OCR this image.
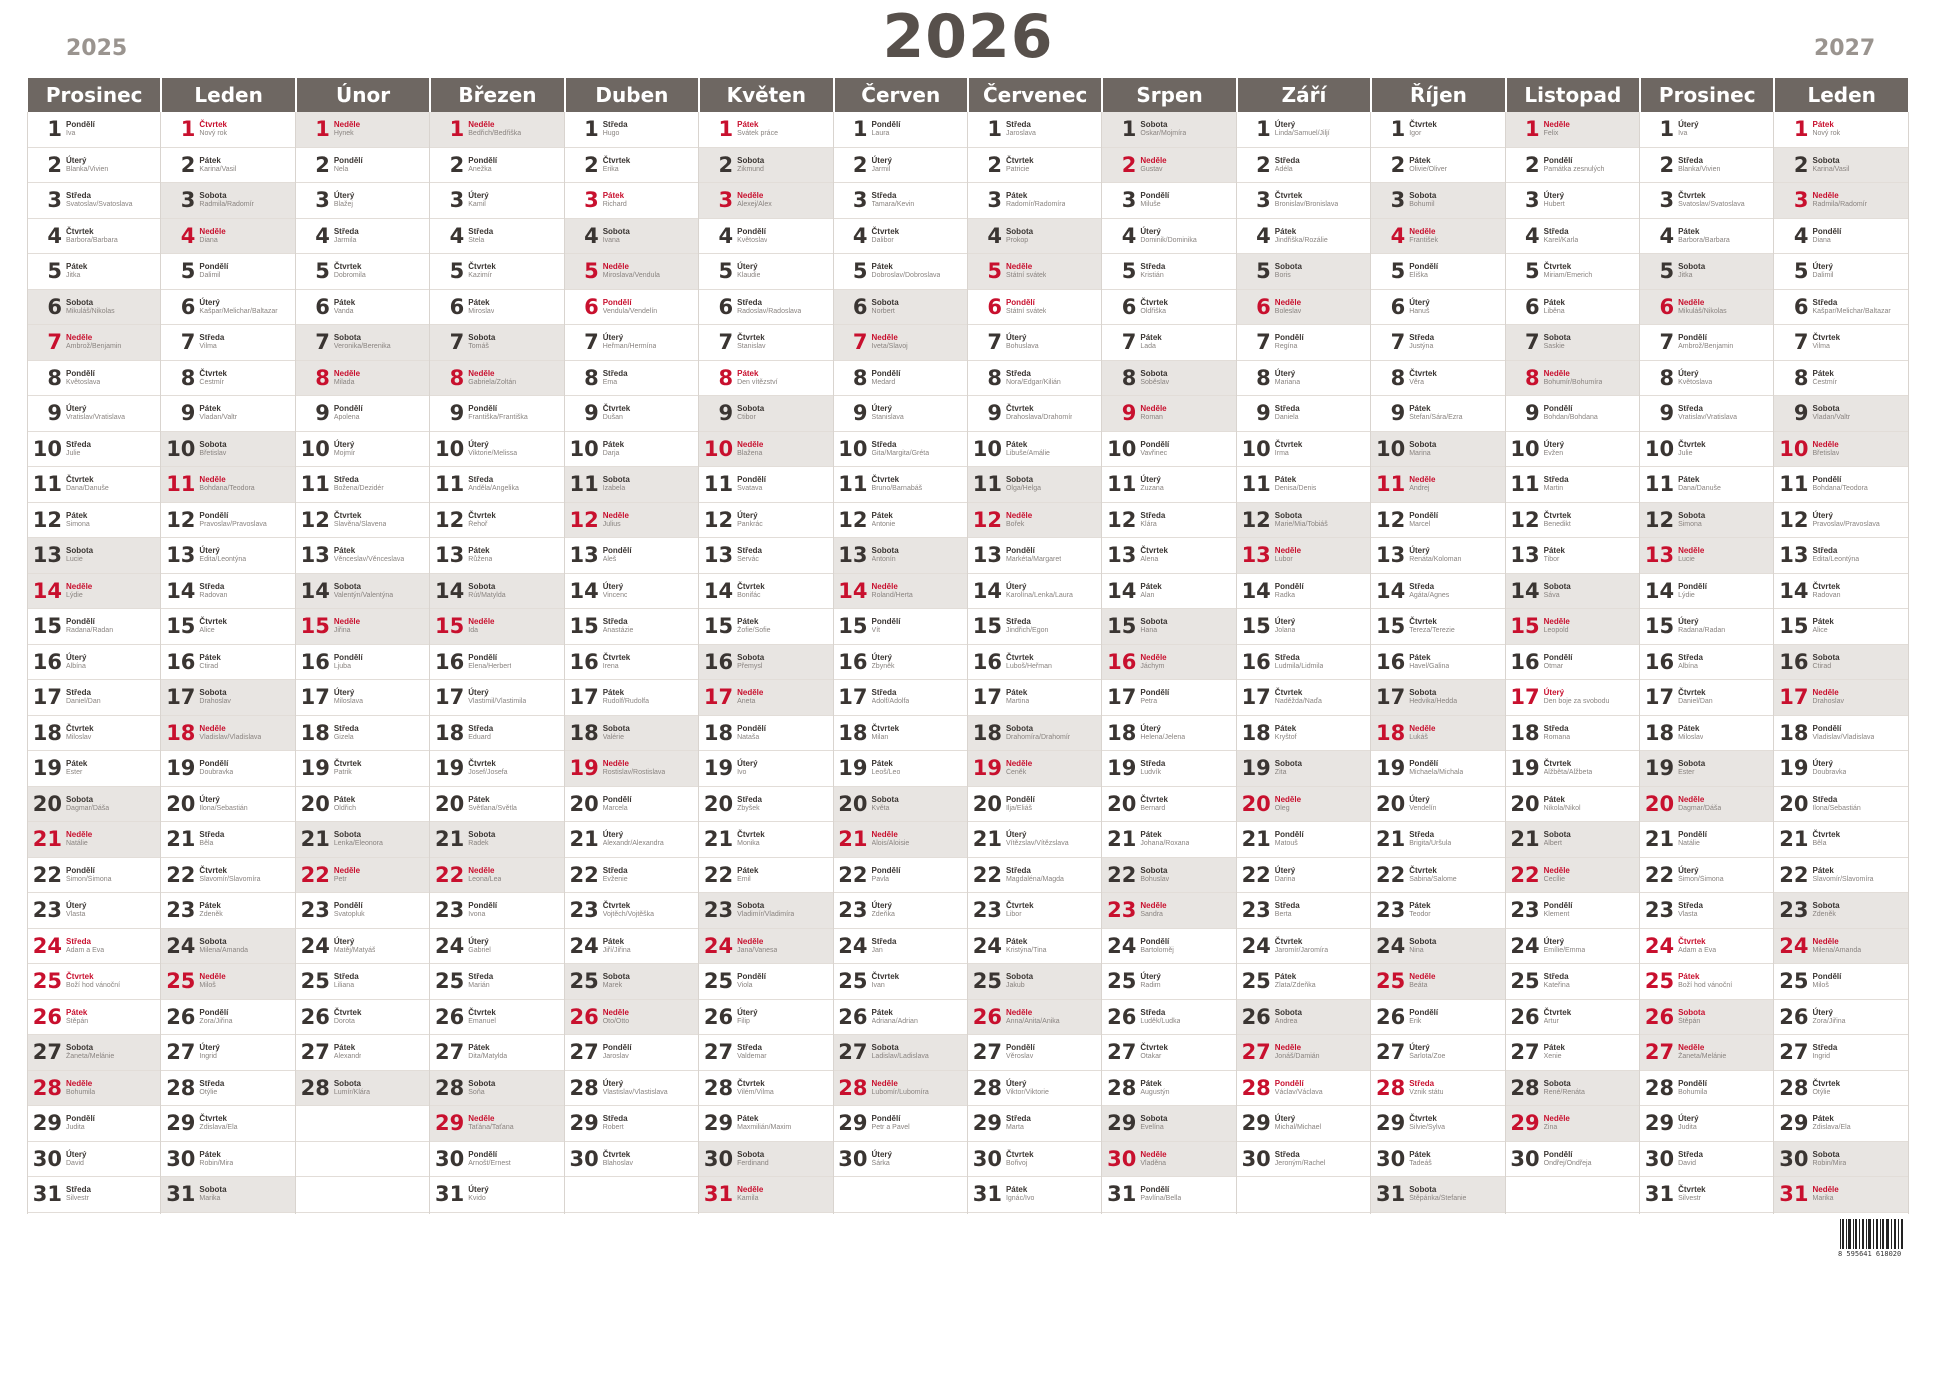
2025	2026	2027
Prosinec
1 Pondělí
Iva
2 Úterý
Blanka/Vivien
3 Středa
Svatoslav/Svatoslava
4 Čtvrtek
Barbora/Barbara
5 Pátek
Jitka
6 Sobota
Mikuláš/Nikolas
7 Neděle
Ambrož/Benjamin
8 Pondělí
Květoslava
9 Úterý
Vratislav/Vratislava
10 Středa
Julie
11 Čtvrtek
Dana/Danuše
12 Pátek
Simona
13 Sobota
Lucie
14 Neděle
Lýdie
15 Pondělí
Radana/Radan
16 Úterý
Albína
17 Středa
Daniel/Dan
18 Čtvrtek
Miloslav
19 Pátek
Ester
20 Sobota
Dagmar/Dáša
21 Neděle
Natálie
22 Pondělí
Šimon/Šimona
23 Úterý
Vlasta
24 Středa
Adam a Eva
25 Čtvrtek
Boží hod vánoční
26 Pátek
Štěpán
27 Sobota
Žaneta/Melánie
28 Neděle
Bohumila
29 Pondělí
Judita
30 Úterý
David
31 Středa
Silvestr
Leden
1 Čtvrtek
Nový rok
2 Pátek
Karina/Vasil
3 Sobota
Radmila/Radomír
4 Neděle
Diana
5 Pondělí
Dalimil
6 Úterý
Kašpar/Melichar/Baltazar
7 Středa
Vilma
8 Čtvrtek
Čestmír
9 Pátek
Vladan/Valtr
10 Sobota
Břetislav
11 Neděle
Bohdana/Teodora
12 Pondělí
Pravoslav/Pravoslava
13 Úterý
Edita/Leontýna
14 Středa
Radovan
15 Čtvrtek
Alice
16 Pátek
Ctirad
17 Sobota
Drahoslav
18 Neděle
Vladislav/Vladislava
19 Pondělí
Doubravka
20 Úterý
Ilona/Sebastián
21 Středa
Běla
22 Čtvrtek
Slavomír/Slavomíra
23 Pátek
Zdeněk
24 Sobota
Milena/Amanda
25 Neděle
Miloš
26 Pondělí
Zora/Jiřina
27 Úterý
Ingrid
28 Středa
Otýlie
29 Čtvrtek
Zdislava/Ela
30 Pátek
Robin/Mira
31 Sobota
Marika
Únor
1 Neděle
Hynek
2 Pondělí
Nela
3 Úterý
Blažej
4 Středa
Jarmila
5 Čtvrtek
Dobromila
6 Pátek
Vanda
7 Sobota
Veronika/Berenika
8 Neděle
Milada
9 Pondělí
Apolena
10 Úterý
Mojmír
11 Středa
Božena/Dezidér
12 Čtvrtek
Slavěna/Slavena
13 Pátek
Věnceslav/Věnceslava
14 Sobota
Valentýn/Valentýna
15 Neděle
Jiřina
16 Pondělí
Ljuba
17 Úterý
Miloslava
18 Středa
Gizela
19 Čtvrtek
Patrik
20 Pátek
Oldřich
21 Sobota
Lenka/Eleonora
22 Neděle
Petr
23 Pondělí
Svatopluk
24 Úterý
Matěj/Matyáš
25 Středa
Liliana
26 Čtvrtek
Dorota
27 Pátek
Alexandr
28 Sobota
Lumír/Klára
Březen
1 Neděle
Bedřich/Bedřiška
2 Pondělí
Anežka
3 Úterý
Kamil
4 Středa
Stela
5 Čtvrtek
Kazimír
6 Pátek
Miroslav
7 Sobota
Tomáš
8 Neděle
Gabriela/Zoltán
9 Pondělí
Františka/Františka
10 Úterý
Viktorie/Melissa
11 Středa
Anděla/Angelika
12 Čtvrtek
Řehoř
13 Pátek
Růžena
14 Sobota
Rút/Matylda
15 Neděle
Ida
16 Pondělí
Elena/Herbert
17 Úterý
Vlastimil/Vlastimila
18 Středa
Eduard
19 Čtvrtek
Josef/Josefa
20 Pátek
Světlana/Světla
21 Sobota
Radek
22 Neděle
Leona/Lea
23 Pondělí
Ivona
24 Úterý
Gabriel
25 Středa
Marián
26 Čtvrtek
Emanuel
27 Pátek
Dita/Matylda
28 Sobota
Soňa
29 Neděle
Taťána/Taťana
30 Pondělí
Arnošt/Ernest
31 Úterý
Kvido
Duben
1 Středa
Hugo
2 Čtvrtek
Erika
3 Pátek
Richard
4 Sobota
Ivana
5 Neděle
Miroslava/Vendula
6 Pondělí
Vendula/Vendelín
7 Úterý
Heřman/Hermína
8 Středa
Ema
9 Čtvrtek
Dušan
10 Pátek
Darja
11 Sobota
Izabela
12 Neděle
Julius
13 Pondělí
Aleš
14 Úterý
Vincenc
15 Středa
Anastázie
16 Čtvrtek
Irena
17 Pátek
Rudolf/Rudolfa
18 Sobota
Valérie
19 Neděle
Rostislav/Rostislava
20 Pondělí
Marcela
21 Úterý
Alexandr/Alexandra
22 Středa
Evženie
23 Čtvrtek
Vojtěch/Vojtěška
24 Pátek
Jiří/Jiřina
25 Sobota
Marek
26 Neděle
Oto/Otto
27 Pondělí
Jaroslav
28 Úterý
Vlastislav/Vlastislava
29 Středa
Robert
30 Čtvrtek
Blahoslav
Květen
1 Pátek
Svátek práce
2 Sobota
Zikmund
3 Neděle
Alexej/Alex
4 Pondělí
Květoslav
5 Úterý
Klaudie
6 Středa
Radoslav/Radoslava
7 Čtvrtek
Stanislav
8 Pátek
Den vítězství
9 Sobota
Ctibor
10 Neděle
Blažena
11 Pondělí
Svatava
12 Úterý
Pankrác
13 Středa
Servác
14 Čtvrtek
Bonifác
15 Pátek
Žofie/Sofie
16 Sobota
Přemysl
17 Neděle
Aneta
18 Pondělí
Nataša
19 Úterý
Ivo
20 Středa
Zbyšek
21 Čtvrtek
Monika
22 Pátek
Emil
23 Sobota
Vladimír/Vladimíra
24 Neděle
Jana/Vanesa
25 Pondělí
Viola
26 Úterý
Filip
27 Středa
Valdemar
28 Čtvrtek
Vilém/Vilma
29 Pátek
Maxmilián/Maxim
30 Sobota
Ferdinand
31 Neděle
Kamila
Červen
1 Pondělí
Laura
2 Úterý
Jarmil
3 Středa
Tamara/Kevin
4 Čtvrtek
Dalibor
5 Pátek
Dobroslav/Dobroslava
6 Sobota
Norbert
7 Neděle
Iveta/Slavoj
8 Pondělí
Medard
9 Úterý
Stanislava
10 Středa
Gita/Margita/Gréta
11 Čtvrtek
Bruno/Barnabáš
12 Pátek
Antonie
13 Sobota
Antonín
14 Neděle
Roland/Herta
15 Pondělí
Vít
16 Úterý
Zbyněk
17 Středa
Adolf/Adolfa
18 Čtvrtek
Milan
19 Pátek
Leoš/Leo
20 Sobota
Květa
21 Neděle
Alois/Aloisie
22 Pondělí
Pavla
23 Úterý
Zdeňka
24 Středa
Jan
25 Čtvrtek
Ivan
26 Pátek
Adriana/Adrian
27 Sobota
Ladislav/Ladislava
28 Neděle
Lubomír/Lubomíra
29 Pondělí
Petr a Pavel
30 Úterý
Šárka
Červenec
1 Středa
Jaroslava
2 Čtvrtek
Patricie
3 Pátek
Radomír/Radomíra
4 Sobota
Prokop
5 Neděle
Státní svátek
6 Pondělí
Státní svátek
7 Úterý
Bohuslava
8 Středa
Nora/Edgar/Kilián
9 Čtvrtek
Drahoslava/Drahomír
10 Pátek
Libuše/Amálie
11 Sobota
Olga/Helga
12 Neděle
Bořek
13 Pondělí
Markéta/Margaret
14 Úterý
Karolína/Lenka/Laura
15 Středa
Jindřich/Egon
16 Čtvrtek
Luboš/Heřman
17 Pátek
Martina
18 Sobota
Drahomíra/Drahomír
19 Neděle
Čeněk
20 Pondělí
Ilja/Eliáš
21 Úterý
Vítězslav/Vítězslava
22 Středa
Magdaléna/Magda
23 Čtvrtek
Libor
24 Pátek
Kristýna/Tina
25 Sobota
Jakub
26 Neděle
Anna/Anita/Anika
27 Pondělí
Věroslav
28 Úterý
Viktor/Viktorie
29 Středa
Marta
30 Čtvrtek
Bořivoj
31 Pátek
Ignác/Ivo
Srpen
1 Sobota
Oskar/Mojmíra
2 Neděle
Gustav
3 Pondělí
Miluše
4 Úterý
Dominik/Dominika
5 Středa
Kristián
6 Čtvrtek
Oldřiška
7 Pátek
Lada
8 Sobota
Soběslav
9 Neděle
Roman
10 Pondělí
Vavřinec
11 Úterý
Zuzana
12 Středa
Klára
13 Čtvrtek
Alena
14 Pátek
Alan
15 Sobota
Hana
16 Neděle
Jáchym
17 Pondělí
Petra
18 Úterý
Helena/Jelena
19 Středa
Ludvík
20 Čtvrtek
Bernard
21 Pátek
Johana/Roxana
22 Sobota
Bohuslav
23 Neděle
Sandra
24 Pondělí
Bartoloměj
25 Úterý
Radim
26 Středa
Luděk/Ludka
27 Čtvrtek
Otakar
28 Pátek
Augustýn
29 Sobota
Evelína
30 Neděle
Vladěna
31 Pondělí
Pavlína/Bella
Září
1 Úterý
Linda/Samuel/Jiljí
2 Středa
Adéla
3 Čtvrtek
Bronislav/Bronislava
4 Pátek
Jindřiška/Rozálie
5 Sobota
Boris
6 Neděle
Boleslav
7 Pondělí
Regína
8 Úterý
Mariana
9 Středa
Daniela
10 Čtvrtek
Irma
11 Pátek
Denisa/Denis
12 Sobota
Marie/Mia/Tobiáš
13 Neděle
Lubor
14 Pondělí
Radka
15 Úterý
Jolana
16 Středa
Ludmila/Lidmila
17 Čtvrtek
Naděžda/Naďa
18 Pátek
Kryštof
19 Sobota
Zita
20 Neděle
Oleg
21 Pondělí
Matouš
22 Úterý
Darina
23 Středa
Berta
24 Čtvrtek
Jaromír/Jaromíra
25 Pátek
Zlata/Zdeňka
26 Sobota
Andrea
27 Neděle
Jonáš/Damián
28 Pondělí
Václav/Václava
29 Úterý
Michal/Michael
30 Středa
Jeroným/Rachel
Říjen
1 Čtvrtek
Igor
2 Pátek
Olivie/Oliver
3 Sobota
Bohumil
4 Neděle
František
5 Pondělí
Eliška
6 Úterý
Hanuš
7 Středa
Justýna
8 Čtvrtek
Věra
9 Pátek
Štefan/Sára/Ezra
10 Sobota
Marina
11 Neděle
Andrej
12 Pondělí
Marcel
13 Úterý
Renáta/Koloman
14 Středa
Agáta/Agnes
15 Čtvrtek
Tereza/Terezie
16 Pátek
Havel/Galina
17 Sobota
Hedvika/Hedda
18 Neděle
Lukáš
19 Pondělí
Michaela/Michala
20 Úterý
Vendelín
21 Středa
Brigita/Uršula
22 Čtvrtek
Sabina/Salome
23 Pátek
Teodor
24 Sobota
Nina
25 Neděle
Beáta
26 Pondělí
Erik
27 Úterý
Šarlota/Zoe
28 Středa
Vznik státu
29 Čtvrtek
Silvie/Sylva
30 Pátek
Tadeáš
31 Sobota
Štěpánka/Štefanie
Listopad
1 Neděle
Felix
2 Pondělí
Památka zesnulých
3 Úterý
Hubert
4 Středa
Karel/Karla
5 Čtvrtek
Miriam/Emerich
6 Pátek
Liběna
7 Sobota
Saskie
8 Neděle
Bohumír/Bohumíra
9 Pondělí
Bohdan/Bohdana
10 Úterý
Evžen
11 Středa
Martin
12 Čtvrtek
Benedikt
13 Pátek
Tibor
14 Sobota
Sáva
15 Neděle
Leopold
16 Pondělí
Otmar
17 Úterý
Den boje za svobodu
18 Středa
Romana
19 Čtvrtek
Alžběta/Alžbeta
20 Pátek
Nikola/Nikol
21 Sobota
Albert
22 Neděle
Cecílie
23 Pondělí
Klement
24 Úterý
Emílie/Emma
25 Středa
Kateřina
26 Čtvrtek
Artur
27 Pátek
Xenie
28 Sobota
René/Renáta
29 Neděle
Zina
30 Pondělí
Ondřej/Ondřeja
Prosinec
1 Úterý
Iva
2 Středa
Blanka/Vivien
3 Čtvrtek
Svatoslav/Svatoslava
4 Pátek
Barbora/Barbara
5 Sobota
Jitka
6 Neděle
Mikuláš/Nikolas
7 Pondělí
Ambrož/Benjamin
8 Úterý
Květoslava
9 Středa
Vratislav/Vratislava
10 Čtvrtek
Julie
11 Pátek
Dana/Danuše
12 Sobota
Simona
13 Neděle
Lucie
14 Pondělí
Lýdie
15 Úterý
Radana/Radan
16 Středa
Albína
17 Čtvrtek
Daniel/Dan
18 Pátek
Miloslav
19 Sobota
Ester
20 Neděle
Dagmar/Dáša
21 Pondělí
Natálie
22 Úterý
Šimon/Šimona
23 Středa
Vlasta
24 Čtvrtek
Adam a Eva
25 Pátek
Boží hod vánoční
26 Sobota
Štěpán
27 Neděle
Žaneta/Melánie
28 Pondělí
Bohumila
29 Úterý
Judita
30 Středa
David
31 Čtvrtek
Silvestr
Leden
1 Pátek
Nový rok
2 Sobota
Karina/Vasil
3 Neděle
Radmila/Radomír
4 Pondělí
Diana
5 Úterý
Dalimil
6 Středa
Kašpar/Melichar/Baltazar
7 Čtvrtek
Vilma
8 Pátek
Čestmír
9 Sobota
Vladan/Valtr
10 Neděle
Břetislav
11 Pondělí
Bohdana/Teodora
12 Úterý
Pravoslav/Pravoslava
13 Středa
Edita/Leontýna
14 Čtvrtek
Radovan
15 Pátek
Alice
16 Sobota
Ctirad
17 Neděle
Drahoslav
18 Pondělí
Vladislav/Vladislava
19 Úterý
Doubravka
20 Středa
Ilona/Sebastián
21 Čtvrtek
Běla
22 Pátek
Slavomír/Slavomíra
23 Sobota
Zdeněk
24 Neděle
Milena/Amanda
25 Pondělí
Miloš
26 Úterý
Zora/Jiřina
27 Středa
Ingrid
28 Čtvrtek
Otýlie
29 Pátek
Zdislava/Ela
30 Sobota
Robin/Mira
31 Neděle
Marika
8 595641 618020
